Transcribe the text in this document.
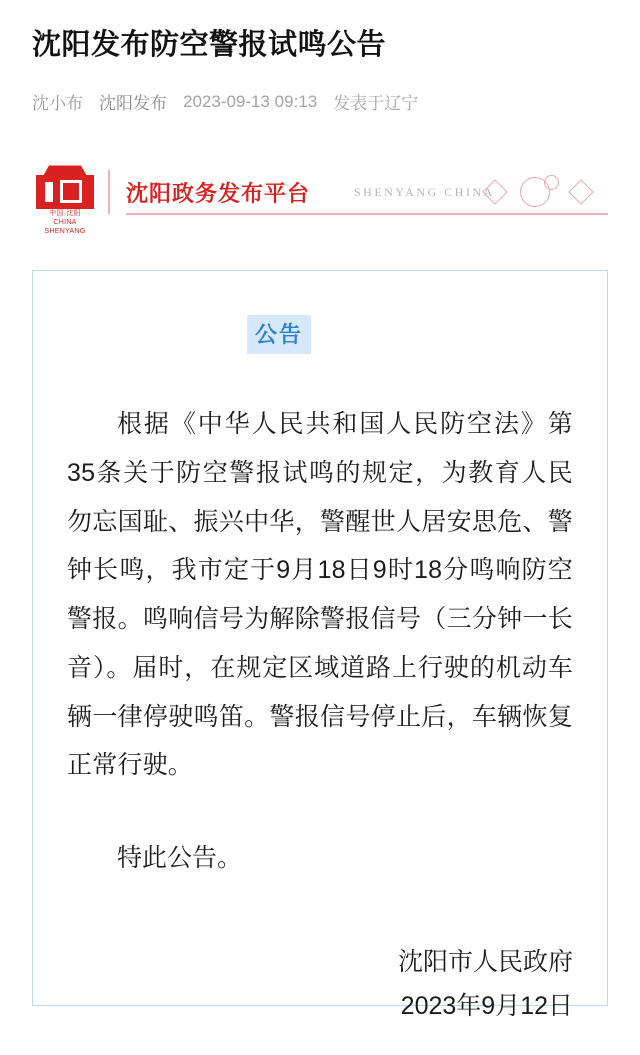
沈阳发布防空警报试鸣公告
沈小布 沈阳发布 2023-09-13 09:13 发表于辽宁
中国·沈阳
CHINA SHENYANG
沈阳政务发布平台	SHENYANG CHINA
公告

根据《中华人民共和国人民防空法》第35条关于防空警报试鸣的规定，为教育人民勿忘国耻、振兴中华，警醒世人居安思危、警钟长鸣，我市定于9月18日9时18分鸣响防空警报。鸣响信号为解除警报信号（三分钟一长音）。届时，在规定区域道路上行驶的机动车辆一律停驶鸣笛。警报信号停止后，车辆恢复正常行驶。

特此公告。

沈阳市人民政府
2023年9月12日
